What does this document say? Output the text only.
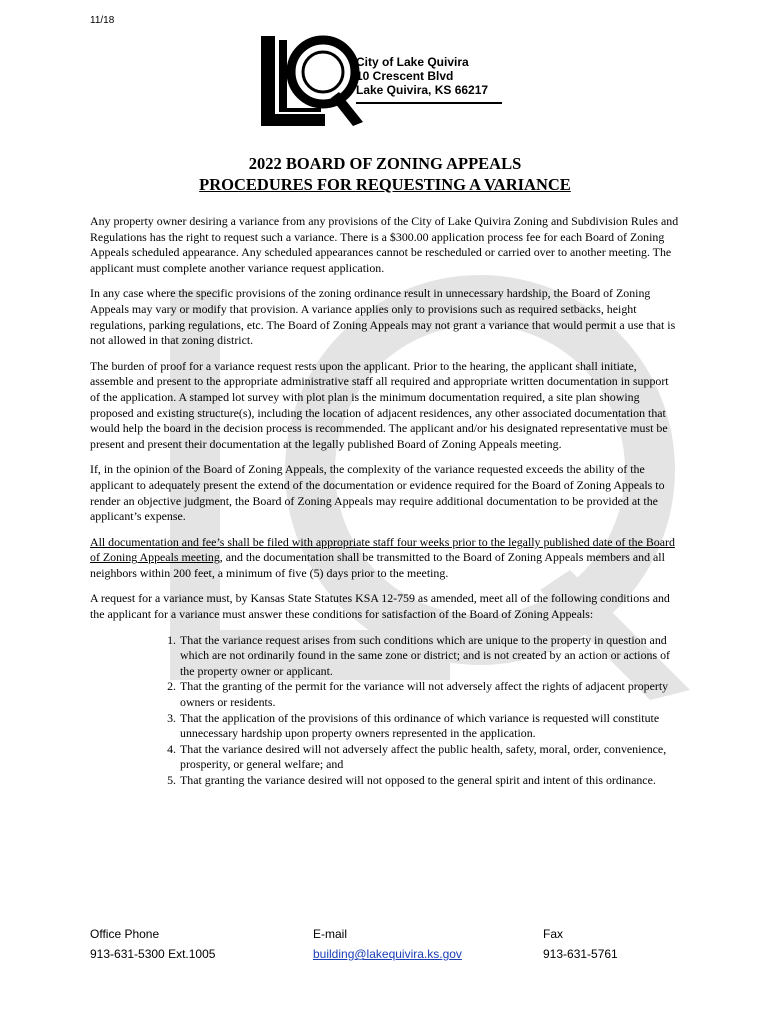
11/18
City of Lake Quivira
10 Crescent Blvd
Lake Quivira, KS 66217
2022 BOARD OF ZONING APPEALS
PROCEDURES FOR REQUESTING A VARIANCE

Any property owner desiring a variance from any provisions of the City of Lake Quivira Zoning and Subdivision Rules and Regulations has the right to request such a variance. There is a $300.00 application process fee for each Board of Zoning Appeals scheduled appearance. Any scheduled appearances cannot be rescheduled or carried over to another meeting. The applicant must complete another variance request application.

In any case where the specific provisions of the zoning ordinance result in unnecessary hardship, the Board of Zoning Appeals may vary or modify that provision. A variance applies only to provisions such as required setbacks, height regulations, parking regulations, etc. The Board of Zoning Appeals may not grant a variance that would permit a use that is not allowed in that zoning district.

The burden of proof for a variance request rests upon the applicant. Prior to the hearing, the applicant shall initiate, assemble and present to the appropriate administrative staff all required and appropriate written documentation in support of the application. A stamped lot survey with plot plan is the minimum documentation required, a site plan showing proposed and existing structure(s), including the location of adjacent residences, any other associated documentation that would help the board in the decision process is recommended. The applicant and/or his designated representative must be present and present their documentation at the legally published Board of Zoning Appeals meeting.

If, in the opinion of the Board of Zoning Appeals, the complexity of the variance requested exceeds the ability of the applicant to adequately present the extend of the documentation or evidence required for the Board of Zoning Appeals to render an objective judgment, the Board of Zoning Appeals may require additional documentation to be provided at the applicant’s expense.

All documentation and fee’s shall be filed with appropriate staff four weeks prior to the legally published date of the Board of Zoning Appeals meeting, and the documentation shall be transmitted to the Board of Zoning Appeals members and all neighbors within 200 feet, a minimum of five (5) days prior to the meeting.

A request for a variance must, by Kansas State Statutes KSA 12-759 as amended, meet all of the following conditions and the applicant for a variance must answer these conditions for satisfaction of the Board of Zoning Appeals:

1. That the variance request arises from such conditions which are unique to the property in question and which are not ordinarily found in the same zone or district; and is not created by an action or actions of the property owner or applicant.
2. That the granting of the permit for the variance will not adversely affect the rights of adjacent property owners or residents.
3. That the application of the provisions of this ordinance of which variance is requested will constitute unnecessary hardship upon property owners represented in the application.
4. That the variance desired will not adversely affect the public health, safety, moral, order, convenience, prosperity, or general welfare; and
5. That granting the variance desired will not opposed to the general spirit and intent of this ordinance.
Office Phone
913-631-5300 Ext.1005
E-mail
building@lakequivira.ks.gov
Fax
913-631-5761
